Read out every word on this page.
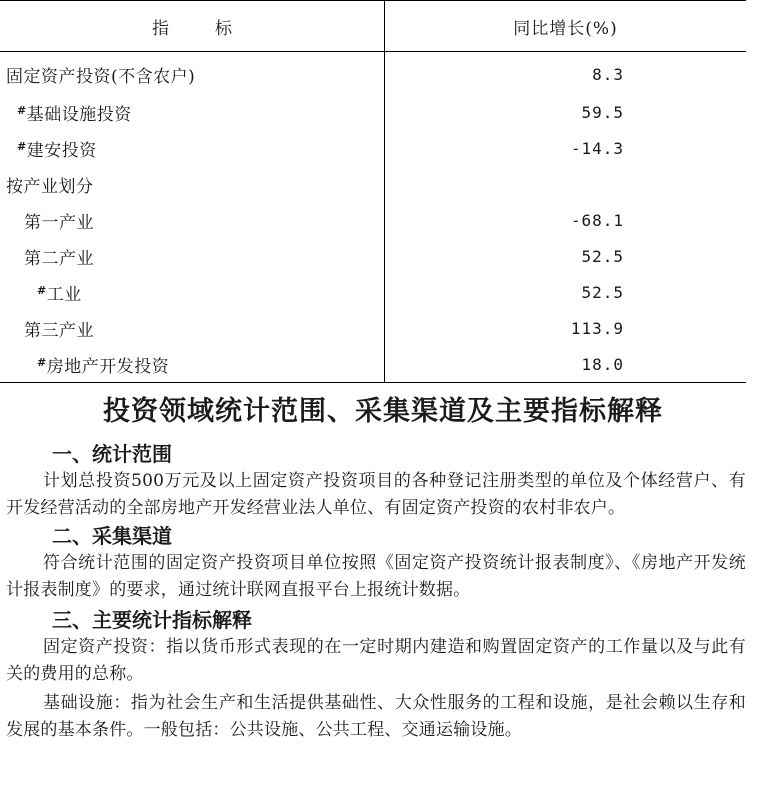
指标	同比增长(%)
固定资产投资(不含农户)	8.3
#基础设施投资	59.5
#建安投资	-14.3
按产业划分	
第一产业	-68.1
第二产业	52.5
#工业	52.5
第三产业	113.9
#房地产开发投资	18.0
投资领域统计范围、采集渠道及主要指标解释
一、统计范围

计划总投资500万元及以上固定资产投资项目的各种登记注册类型的单位及个体经营户、有开发经营活动的全部房地产开发经营业法人单位、有固定资产投资的农村非农户。

二、采集渠道

符合统计范围的固定资产投资项目单位按照《固定资产投资统计报表制度》、《房地产开发统计报表制度》的要求，通过统计联网直报平台上报统计数据。

三、主要统计指标解释

固定资产投资：指以货币形式表现的在一定时期内建造和购置固定资产的工作量以及与此有关的费用的总称。

基础设施：指为社会生产和生活提供基础性、大众性服务的工程和设施，是社会赖以生存和发展的基本条件。一般包括：公共设施、公共工程、交通运输设施。
